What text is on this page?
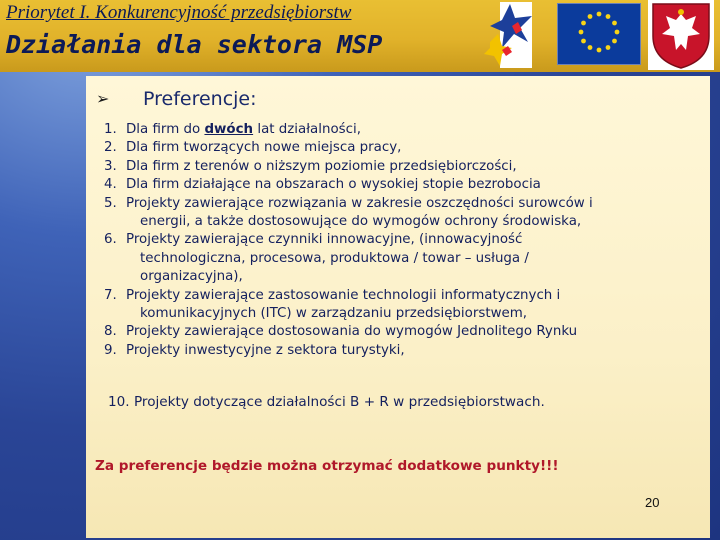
Priorytet I. Konkurencyjność przedsiębiorstw
Działania dla sektora MSP
➢ Preferencje:
1. Dla firm do dwóch lat działalności,
2. Dla firm tworzących nowe miejsca pracy,
3. Dla firm z terenów o niższym poziomie przedsiębiorczości,
4. Dla firm działające na obszarach o wysokiej stopie bezrobocia
5. Projekty zawierające rozwiązania w zakresie oszczędności surowców i
energii, a także dostosowujące do wymogów ochrony środowiska,
6. Projekty zawierające czynniki innowacyjne, (innowacyjność
technologiczna, procesowa, produktowa / towar – usługa /
organizacyjna),
7. Projekty zawierające zastosowanie technologii informatycznych i
komunikacyjnych (ITC) w zarządzaniu przedsiębiorstwem,
8. Projekty zawierające dostosowania do wymogów Jednolitego Rynku
9. Projekty inwestycyjne z sektora turystyki,
10. Projekty dotyczące działalności B + R w przedsiębiorstwach.
Za preferencje będzie można otrzymać dodatkowe punkty!!!
20
